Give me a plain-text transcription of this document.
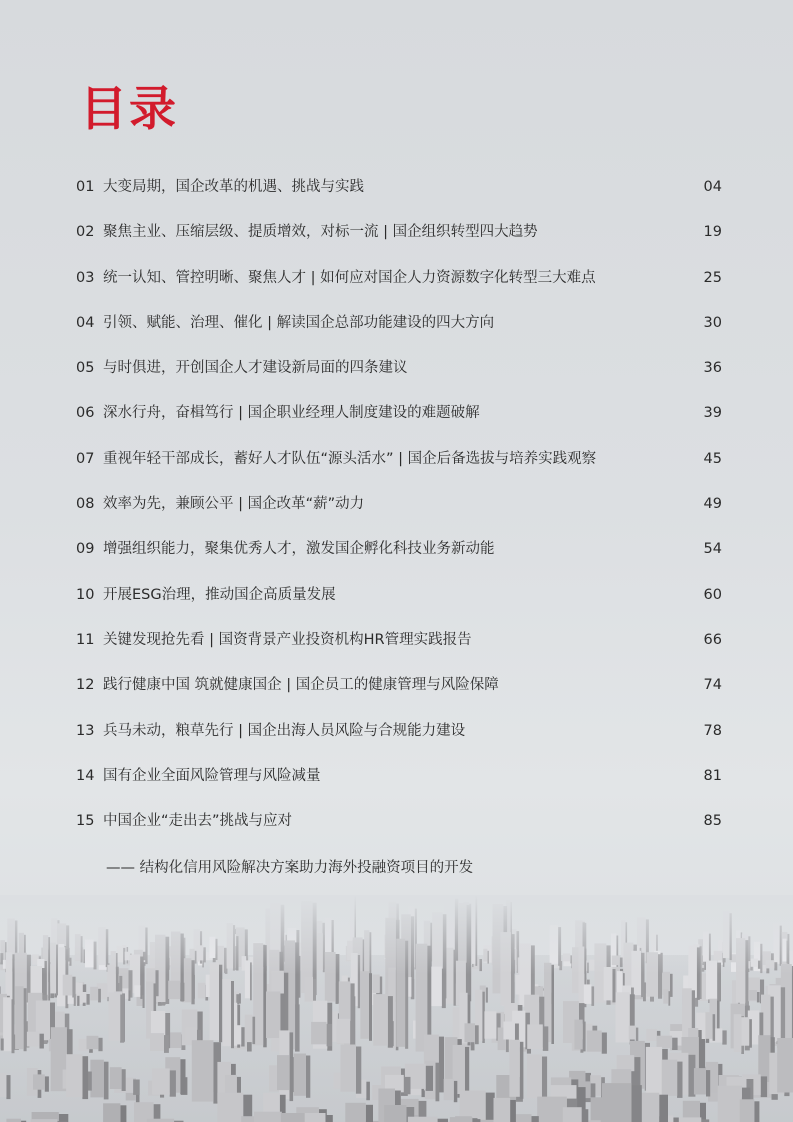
目录
01 大变局期，国企改革的机遇、挑战与实践	04
02 聚焦主业、压缩层级、提质增效，对标一流 | 国企组织转型四大趋势	19
03 统一认知、管控明晰、聚焦人才 | 如何应对国企人力资源数字化转型三大难点	25
04 引领、赋能、治理、催化 | 解读国企总部功能建设的四大方向	30
05 与时俱进，开创国企人才建设新局面的四条建议	36
06 深水行舟，奋楫笃行 | 国企职业经理人制度建设的难题破解	39
07 重视年轻干部成长，蓄好人才队伍“源头活水” | 国企后备选拔与培养实践观察	45
08 效率为先，兼顾公平 | 国企改革“薪”动力	49
09 增强组织能力，聚集优秀人才，激发国企孵化科技业务新动能	54
10 开展ESG治理，推动国企高质量发展	60
11 关键发现抢先看 | 国资背景产业投资机构HR管理实践报告	66
12 践行健康中国 筑就健康国企 | 国企员工的健康管理与风险保障	74
13 兵马未动，粮草先行 | 国企出海人员风险与合规能力建设	78
14 国有企业全面风险管理与风险减量	81
15 中国企业“走出去”挑战与应对	85
—— 结构化信用风险解决方案助力海外投融资项目的开发
